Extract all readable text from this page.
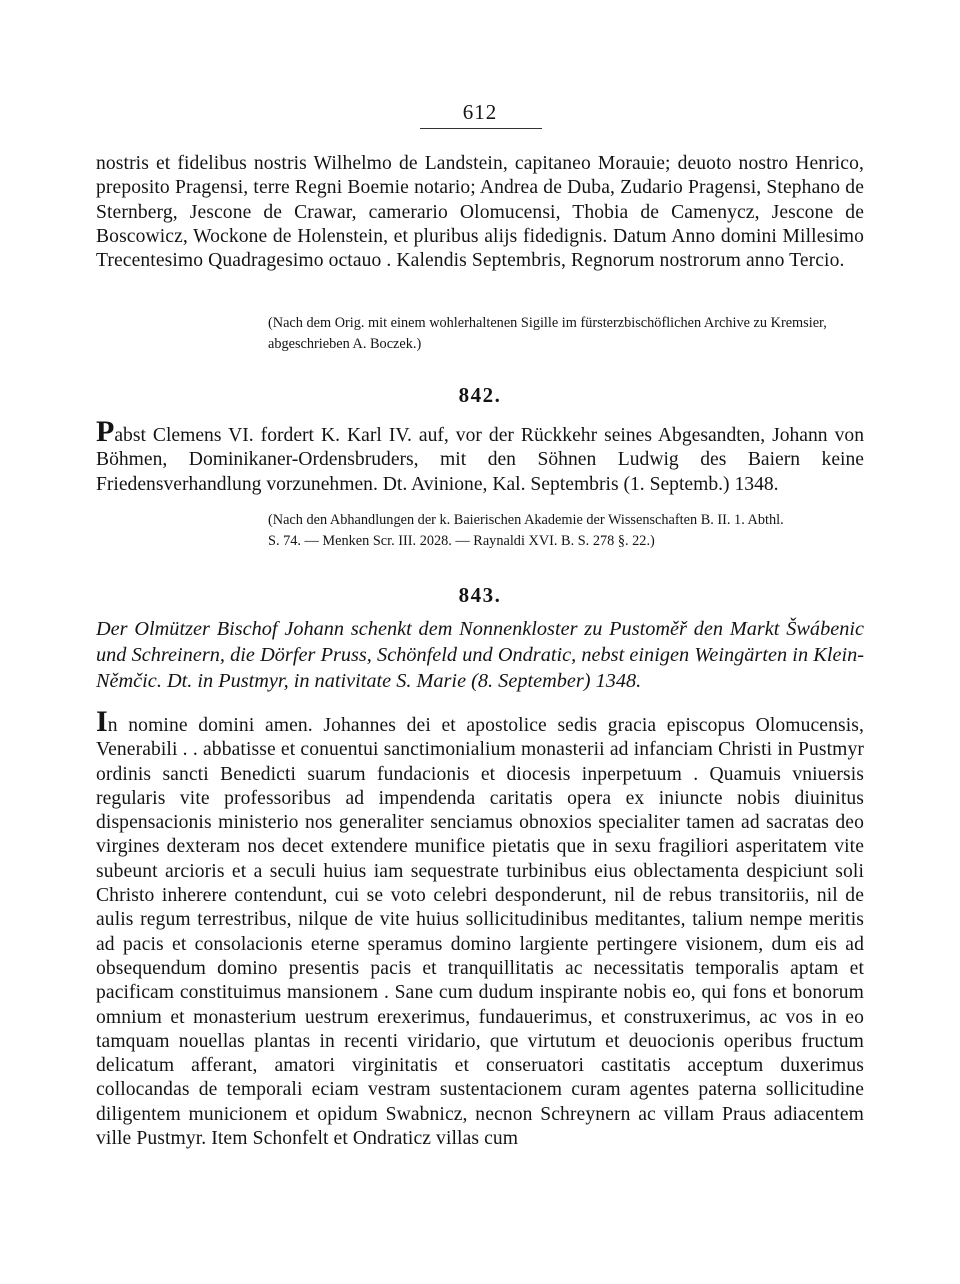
612
nostris et fidelibus nostris Wilhelmo de Landstein, capitaneo Morauie; deuoto nostro Henrico, preposito Pragensi, terre Regni Boemie notario; Andrea de Duba, Zudario Pragensi, Stephano de Sternberg, Jescone de Crawar, camerario Olomucensi, Thobia de Camenycz, Jescone de Boscowicz, Wockone de Holenstein, et pluribus alijs fidedignis. Datum Anno domini Millesimo Trecentesimo Quadragesimo octauo . Kalendis Septembris, Regnorum nostrorum anno Tercio.
(Nach dem Orig. mit einem wohlerhaltenen Sigille im fürsterzbischöflichen Archive zu Kremsier,
abgeschrieben A. Boczek.)
842.
Pabst Clemens VI. fordert K. Karl IV. auf, vor der Rückkehr seines Abgesandten, Johann von Böhmen, Dominikaner-Ordensbruders, mit den Söhnen Ludwig des Baiern keine Friedensverhandlung vorzunehmen. Dt. Avinione, Kal. Septembris (1. Septemb.) 1348.
(Nach den Abhandlungen der k. Baierischen Akademie der Wissenschaften B. II. 1. Abthl.
S. 74. — Menken Scr. III. 2028. — Raynaldi XVI. B. S. 278 §. 22.)
843.
Der Olmützer Bischof Johann schenkt dem Nonnenkloster zu Pustoměř den Markt Šwábenic und Schreinern, die Dörfer Pruss, Schönfeld und Ondratic, nebst einigen Weingärten in Klein-Němčic. Dt. in Pustmyr, in nativitate S. Marie (8. September) 1348.
In nomine domini amen. Johannes dei et apostolice sedis gracia episcopus Olomucensis, Venerabili . . abbatisse et conuentui sanctimonialium monasterii ad infanciam Christi in Pustmyr ordinis sancti Benedicti suarum fundacionis et diocesis inperpetuum . Quamuis vniuersis regularis vite professoribus ad impendenda caritatis opera ex iniuncte nobis diuinitus dispensacionis ministerio nos generaliter senciamus obnoxios specialiter tamen ad sacratas deo virgines dexteram nos decet extendere munifice pietatis que in sexu fragiliori asperitatem vite subeunt arcioris et a seculi huius iam sequestrate turbinibus eius oblectamenta despiciunt soli Christo inherere contendunt, cui se voto celebri desponderunt, nil de rebus transitoriis, nil de aulis regum terrestribus, nilque de vite huius sollicitudinibus meditantes, talium nempe meritis ad pacis et consolacionis eterne speramus domino largiente pertingere visionem, dum eis ad obsequendum domino presentis pacis et tranquillitatis ac necessitatis temporalis aptam et pacificam constituimus mansionem . Sane cum dudum inspirante nobis eo, qui fons et bonorum omnium et monasterium uestrum erexerimus, fundauerimus, et construxerimus, ac vos in eo tamquam nouellas plantas in recenti viridario, que virtutum et deuocionis operibus fructum delicatum afferant, amatori virginitatis et conseruatori castitatis acceptum duxerimus collocandas de temporali eciam vestram sustentacionem curam agentes paterna sollicitudine diligentem municionem et opidum Swabnicz, necnon Schreynern ac villam Praus adiacentem ville Pustmyr. Item Schonfelt et Ondraticz villas cum
